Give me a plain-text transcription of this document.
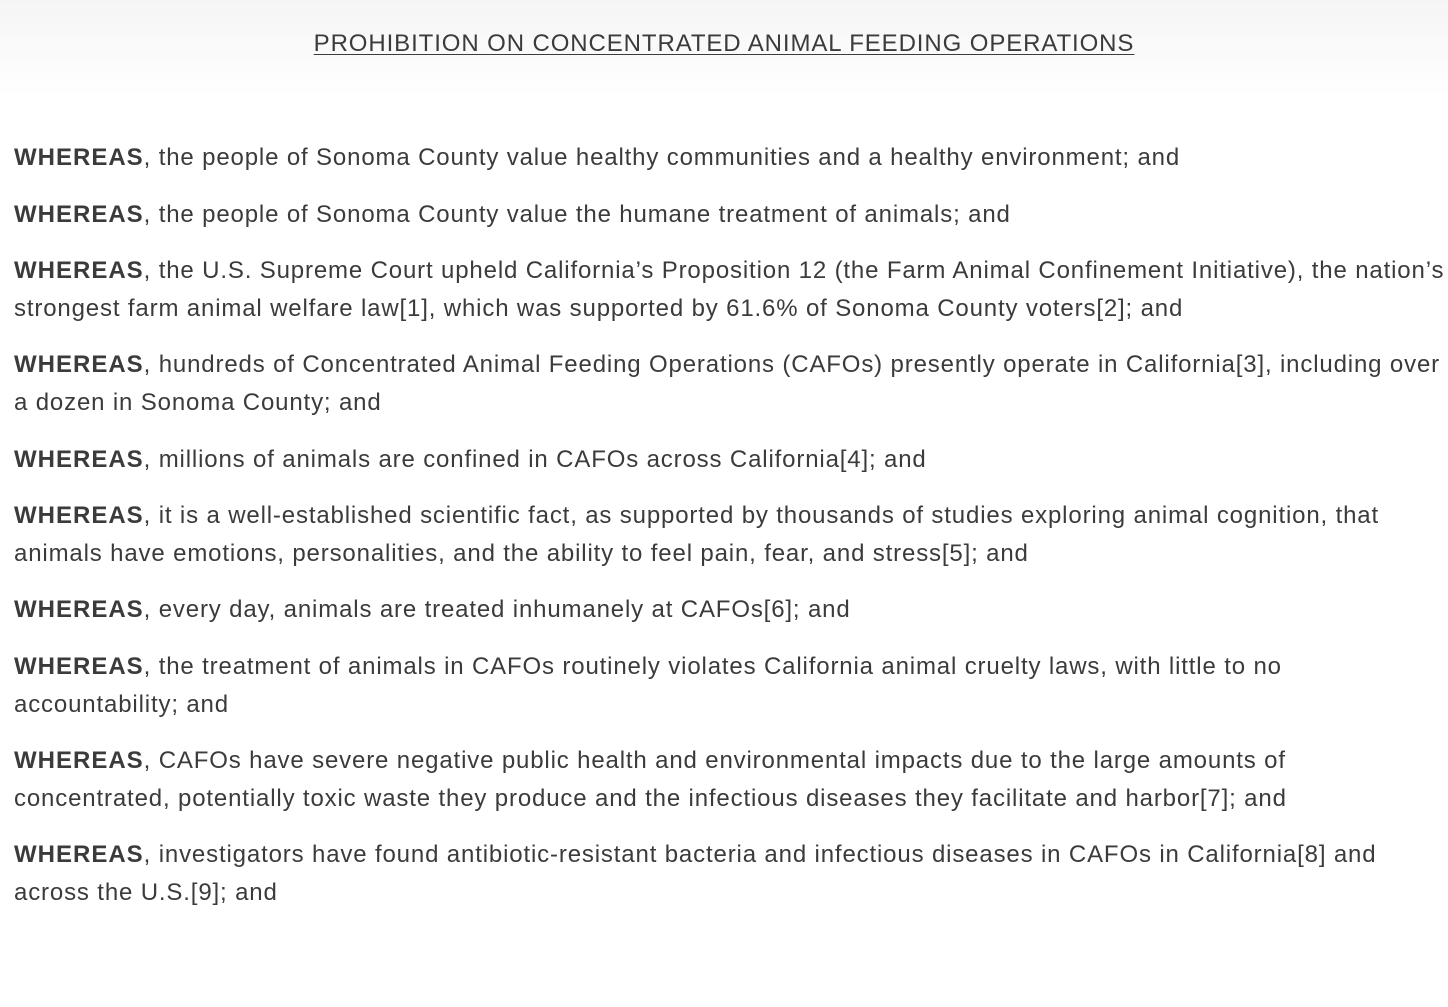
PROHIBITION ON CONCENTRATED ANIMAL FEEDING OPERATIONS

WHEREAS, the people of Sonoma County value healthy communities and a healthy environment; and

WHEREAS, the people of Sonoma County value the humane treatment of animals; and

WHEREAS, the U.S. Supreme Court upheld California’s Proposition 12 (the Farm Animal Confinement Initiative), the nation’s strongest farm animal welfare law[1], which was supported by 61.6% of Sonoma County voters[2]; and

WHEREAS, hundreds of Concentrated Animal Feeding Operations (CAFOs) presently operate in California[3], including over a dozen in Sonoma County; and

WHEREAS, millions of animals are confined in CAFOs across California[4]; and

WHEREAS, it is a well-established scientific fact, as supported by thousands of studies exploring animal cognition, that animals have emotions, personalities, and the ability to feel pain, fear, and stress[5]; and

WHEREAS, every day, animals are treated inhumanely at CAFOs[6]; and

WHEREAS, the treatment of animals in CAFOs routinely violates California animal cruelty laws, with little to no accountability; and

WHEREAS, CAFOs have severe negative public health and environmental impacts due to the large amounts of concentrated, potentially toxic waste they produce and the infectious diseases they facilitate and harbor[7]; and

WHEREAS, investigators have found antibiotic-resistant bacteria and infectious diseases in CAFOs in California[8] and across the U.S.[9]; and
